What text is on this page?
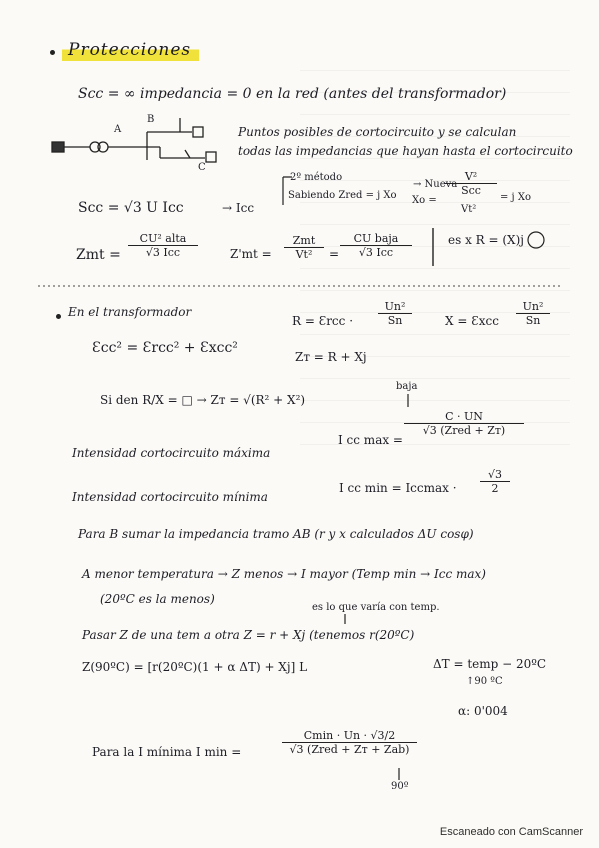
Protecciones
Scc = ∞ impedancia = 0 en la red (antes del transformador)
A
B
C
Puntos posibles de cortocircuito y se calculan
todas las impedancias que hayan hasta el cortocircuito
Scc = √3 U Icc	→ Icc
2º método
Sabiendo Zred = j Xo
→ Nueva
Xo =
V²
Scc
Vt²
= j Xo
Zmt =
CU² alta
√3 Icc	Z'mt =
Zmt
Vt²	=
CU baja
√3 Icc
es x R = (X)j
En el transformador
R = Ɛrcc · $\frac{\text{Un²}}{Sn}$	X = Ɛxcc $\frac{\text{Un²}}{Sn}$
Ɛcc² = Ɛrcc² + Ɛxcc²
Zт = R + Xj
Si den R/X = □ → Zт = √(R² + X²)
baja
Intensidad cortocircuito máxima
I cc max =
C · UN
√3 (Zred + Zт)
Intensidad cortocircuito mínima
I cc $\min = Iccmax \cdot \frac{√3}{2}$
Para B sumar la impedancia tramo AB (r y x calculados ΔU cosφ)
A menor temperatura → Z menos → I mayor (Temp min → Icc max)
(20ºC es la menos)
es lo que varía con temp.
Pasar Z de una tem a otra Z = r + Xj (tenemos r(20ºC)
Z(90ºC) = [r(20ºC)(1 + α ΔT) + Xj] L	ΔT = temp − 20ºC
↑90 ºC
α: 0'004
Para la I mínima I min =
Cmin · Un · √3/2
√3 (Zred + Zт + Zab)
90º
Escaneado con CamScanner
